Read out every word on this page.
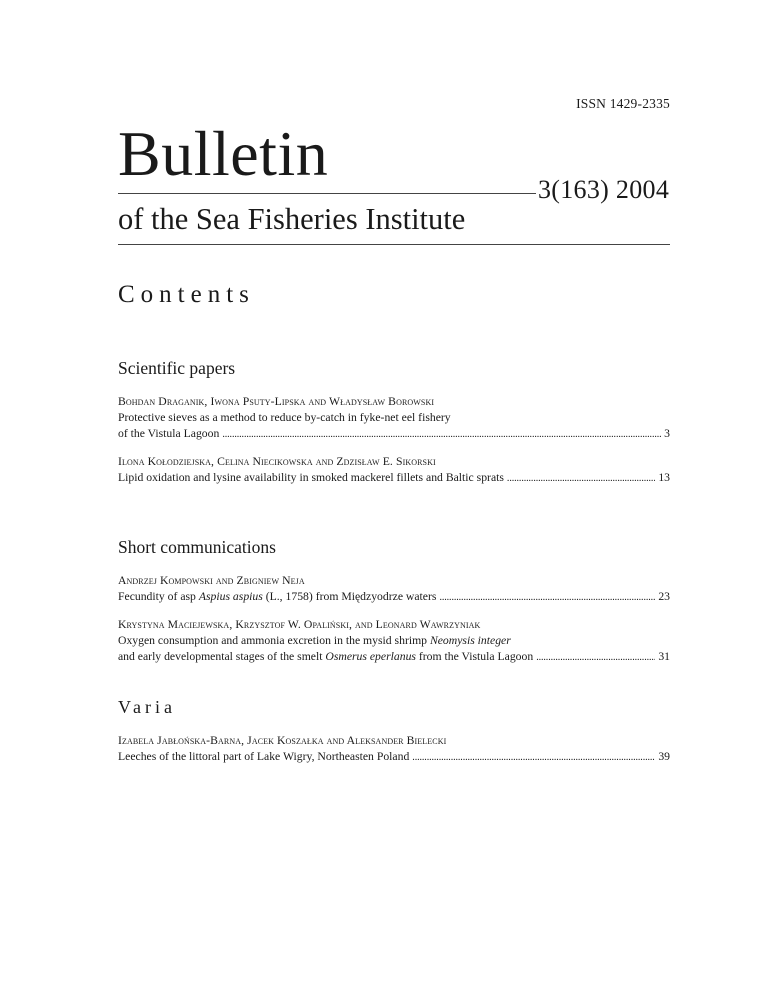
ISSN 1429-2335
Bulletin
3(163) 2004
of the Sea Fisheries Institute
Contents
Scientific papers
Bohdan Draganik, Iwona Psuty-Lipska and Władysław Borowski
Protective sieves as a method to reduce by-catch in fyke-net eel fishery
of the Vistula Lagoon . . .	3
Ilona Kołodziejska, Celina Niecikowska and Zdzisław E. Sikorski
Lipid oxidation and lysine availability in smoked mackerel fillets and Baltic sprats . . .	13
Short communications
Andrzej Kompowski and Zbigniew Neja
Fecundity of asp Aspius aspius (L., 1758) from Międzyodrze waters . . .	23
Krystyna Maciejewska, Krzysztof W. Opaliński, and Leonard Wawrzyniak
Oxygen consumption and ammonia excretion in the mysid shrimp Neomysis integer
and early developmental stages of the smelt Osmerus eperlanus from the Vistula Lagoon . . .	31
Varia
Izabela Jabłońska-Barna, Jacek Koszałka and Aleksander Bielecki
Leeches of the littoral part of Lake Wigry, Northeasten Poland . . .	39
